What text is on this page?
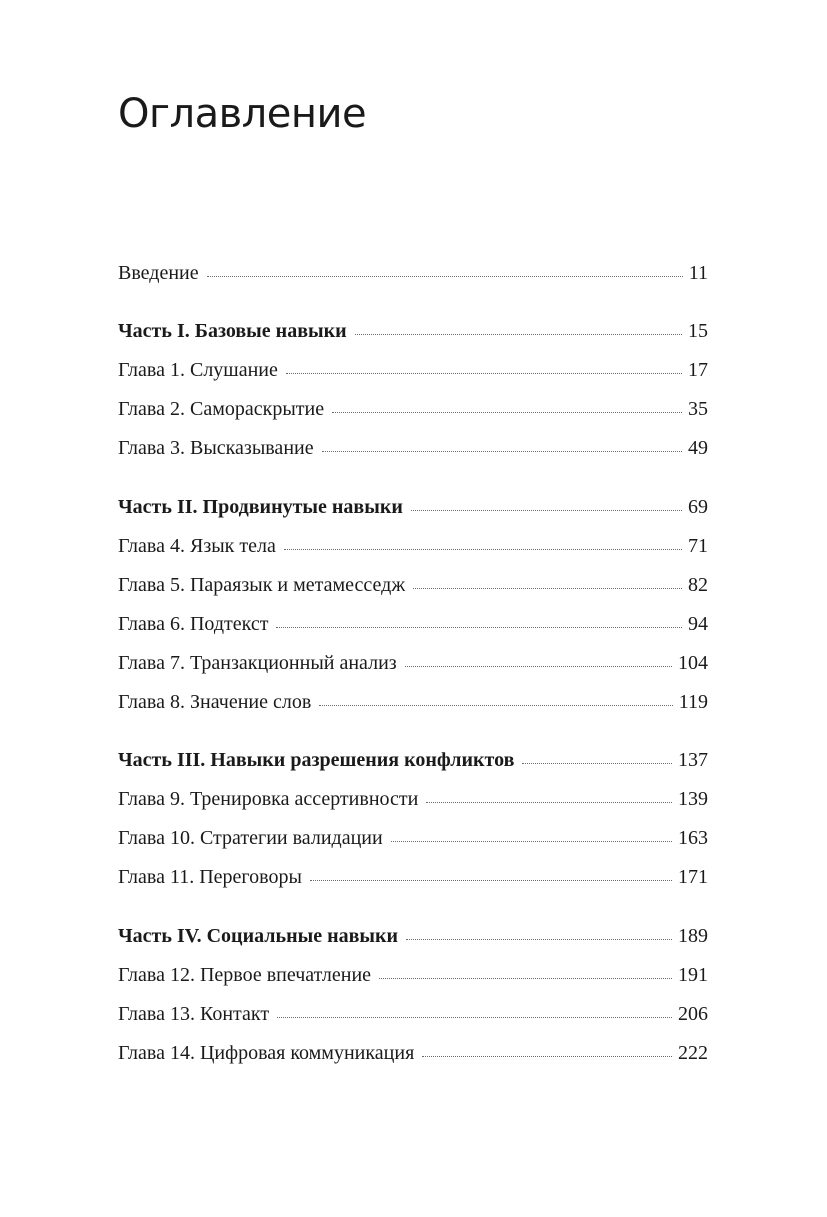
Оглавление
Введение	11
Часть I. Базовые навыки	15
Глава 1. Слушание	17
Глава 2. Самораскрытие	35
Глава 3. Высказывание	49
Часть II. Продвинутые навыки	69
Глава 4. Язык тела	71
Глава 5. Параязык и метамесседж	82
Глава 6. Подтекст	94
Глава 7. Транзакционный анализ	104
Глава 8. Значение слов	119
Часть III. Навыки разрешения конфликтов	137
Глава 9. Тренировка ассертивности	139
Глава 10. Стратегии валидации	163
Глава 11. Переговоры	171
Часть IV. Социальные навыки	189
Глава 12. Первое впечатление	191
Глава 13. Контакт	206
Глава 14. Цифровая коммуникация	222
